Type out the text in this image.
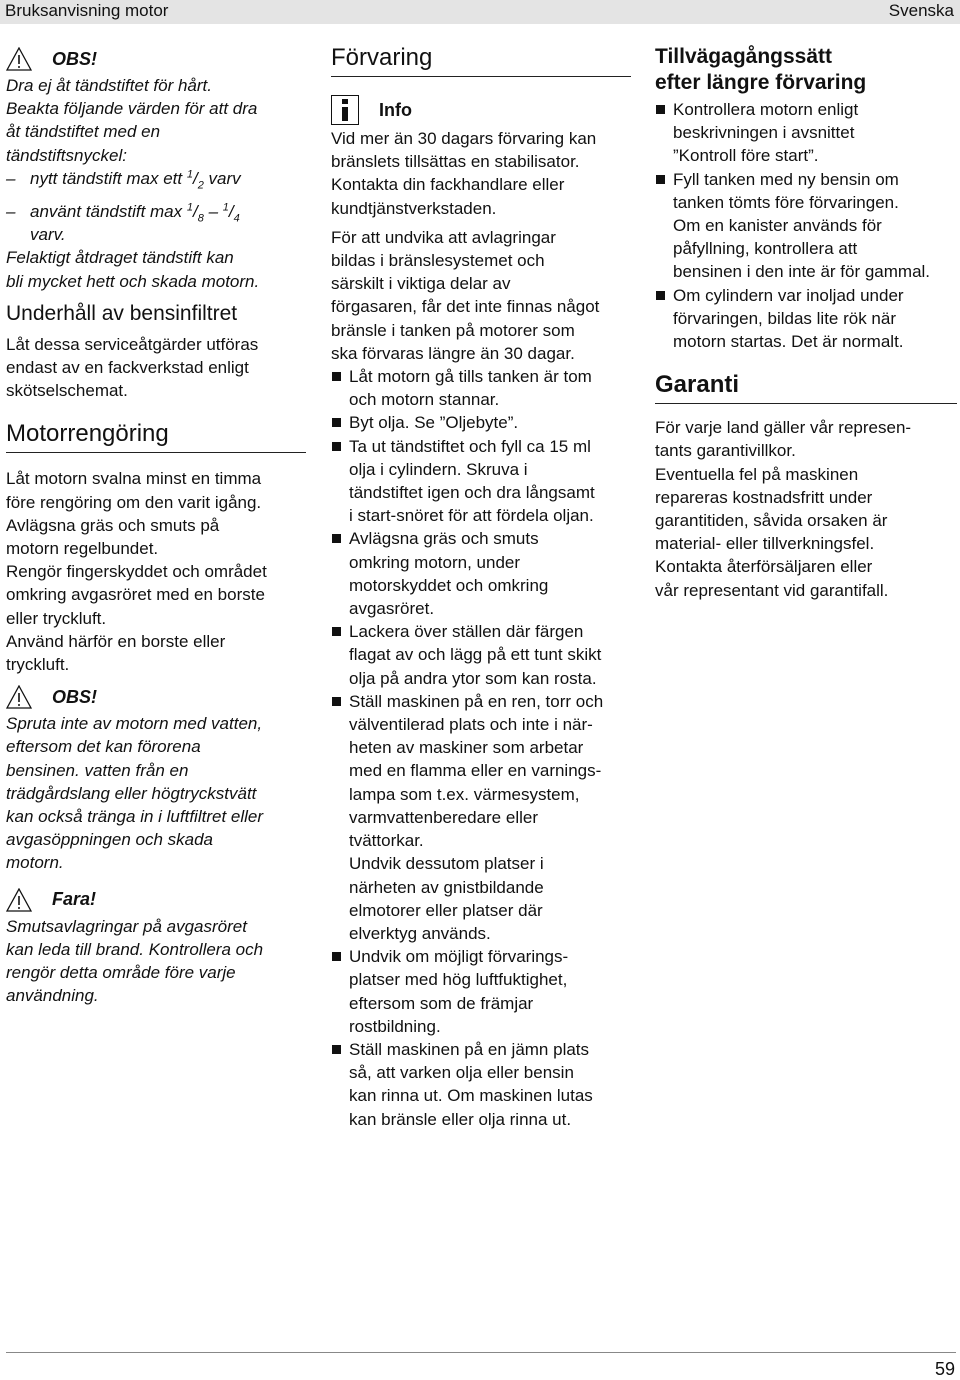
Bruksanvisning motor	Svenska
OBS!
Dra ej åt tändstiftet för hårt.
Beakta följande värden för att dra
åt tändstiftet med en
tändstiftsnyckel:
– nytt tändstift max ett $^1/_2$ varv
– använt tändstift $\max ^1/_8 - ^1/_4$
varv.
Felaktigt åtdraget tändstift kan
bli mycket hett och skada motorn.
Underhåll av bensinfiltret
Låt dessa serviceåtgärder utföras
endast av en fackverkstad enligt
skötselschemat.
Motorrengöring
Låt motorn svalna minst en timma
före rengöring om den varit igång.
Avlägsna gräs och smuts på
motorn regelbundet.
Rengör fingerskyddet och området
omkring avgasröret med en borste
eller tryckluft.
Använd härför en borste eller
tryckluft.
OBS!
Spruta inte av motorn med vatten,
eftersom det kan förorena
bensinen. vatten från en
trädgårdslang eller högtryckstvätt
kan också tränga in i luftfiltret eller
avgasöppningen och skada
motorn.
Fara!
Smutsavlagringar på avgasröret
kan leda till brand. Kontrollera och
rengör detta område före varje
användning.
Förvaring
Info
Vid mer än 30 dagars förvaring kan
bränslets tillsättas en stabilisator.
Kontakta din fackhandlare eller
kundtjänstverkstaden.
För att undvika att avlagringar
bildas i bränslesystemet och
särskilt i viktiga delar av
förgasaren, får det inte finnas något
bränsle i tanken på motorer som
ska förvaras längre än 30 dagar.
Låt motorn gå tills tanken är tom
och motorn stannar.
Byt olja. Se ”Oljebyte”.
Ta ut tändstiftet och fyll ca 15 ml
olja i cylindern. Skruva i
tändstiftet igen och dra långsamt
i start-snöret för att fördela oljan.
Avlägsna gräs och smuts
omkring motorn, under
motorskyddet och omkring
avgasröret.
Lackera över ställen där färgen
flagat av och lägg på ett tunt skikt
olja på andra ytor som kan rosta.
Ställ maskinen på en ren, torr och
välventilerad plats och inte i när-
heten av maskiner som arbetar
med en flamma eller en varnings-
lampa som t.ex. värmesystem,
varmvattenberedare eller
tvättorkar.
Undvik dessutom platser i
närheten av gnistbildande
elmotorer eller platser där
elverktyg används.
Undvik om möjligt förvarings-
platser med hög luftfuktighet,
eftersom som de främjar
rostbildning.
Ställ maskinen på en jämn plats
så, att varken olja eller bensin
kan rinna ut. Om maskinen lutas
kan bränsle eller olja rinna ut.
Tillvägagångssätt
efter längre förvaring
Kontrollera motorn enligt
beskrivningen i avsnittet
”Kontroll före start”.
Fyll tanken med ny bensin om
tanken tömts före förvaringen.
Om en kanister används för
påfyllning, kontrollera att
bensinen i den inte är för gammal.
Om cylindern var inoljad under
förvaringen, bildas lite rök när
motorn startas. Det är normalt.
Garanti
För varje land gäller vår represen-
tants garantivillkor.
Eventuella fel på maskinen
repareras kostnadsfritt under
garantitiden, såvida orsaken är
material- eller tillverkningsfel.
Kontakta återförsäljaren eller
vår representant vid garantifall.
59
